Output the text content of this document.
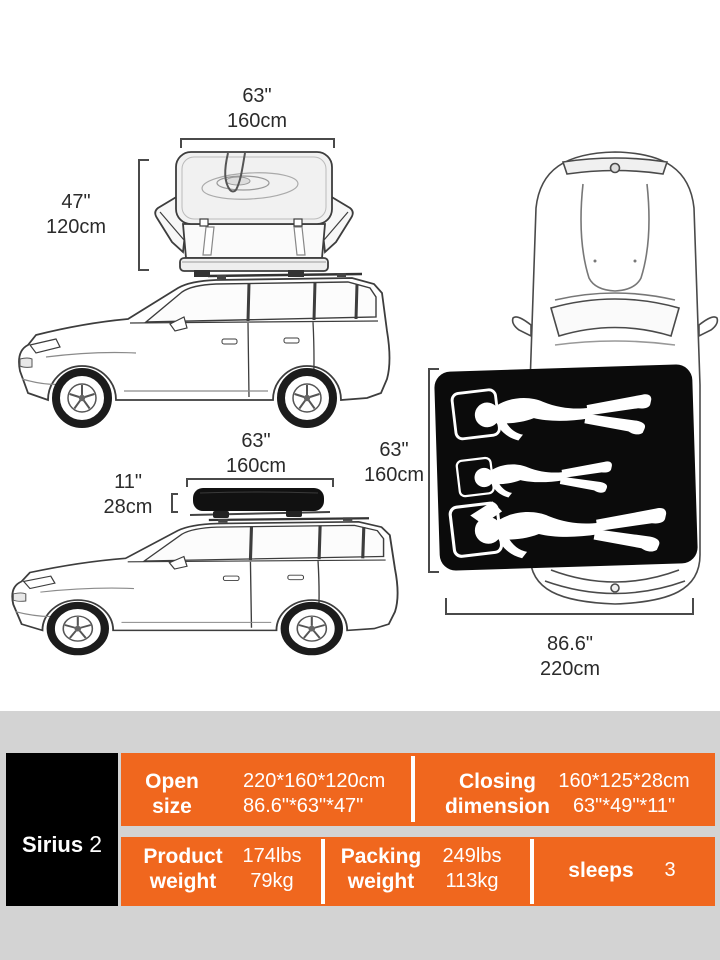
63"
160cm
47"
120cm
63"
160cm
11"
28cm
63"
160cm
86.6"
220cm
Sirius 2
Open
size
220*160*120cm
86.6"*63"*47"
Closing
dimension
160*125*28cm
63"*49"*11"
Product
weight
174lbs
79kg
Packing
weight
249lbs
113kg	sleeps	3
